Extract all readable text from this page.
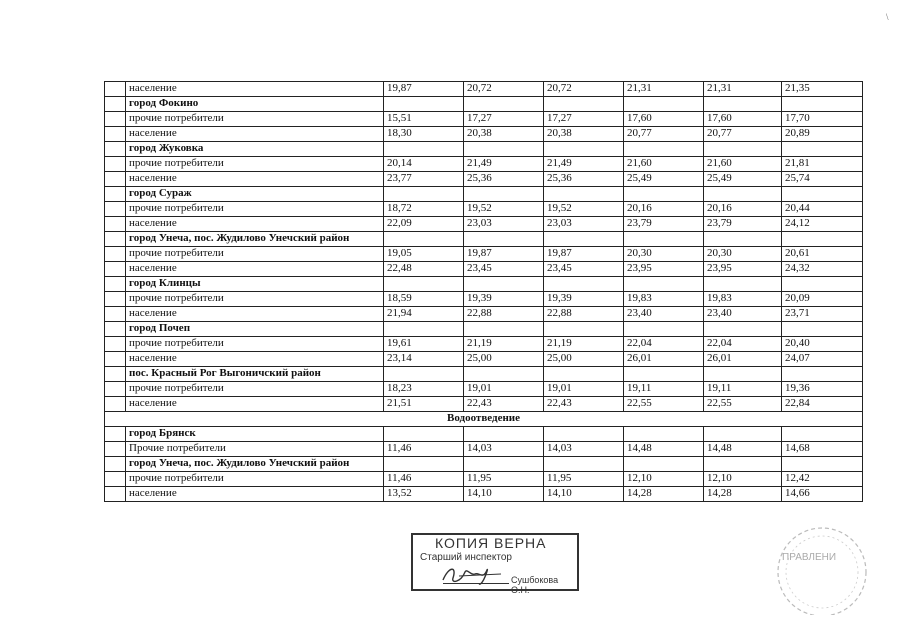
\
	население	19,87	20,72	20,72	21,31	21,31	21,35
	город Фокино						
	прочие потребители	15,51	17,27	17,27	17,60	17,60	17,70
	население	18,30	20,38	20,38	20,77	20,77	20,89
	город Жуковка						
	прочие потребители	20,14	21,49	21,49	21,60	21,60	21,81
	население	23,77	25,36	25,36	25,49	25,49	25,74
	город Сураж						
	прочие потребители	18,72	19,52	19,52	20,16	20,16	20,44
	население	22,09	23,03	23,03	23,79	23,79	24,12
	город Унеча, пос. Жудилово Унечский район						
	прочие потребители	19,05	19,87	19,87	20,30	20,30	20,61
	население	22,48	23,45	23,45	23,95	23,95	24,32
	город Клинцы						
	прочие потребители	18,59	19,39	19,39	19,83	19,83	20,09
	население	21,94	22,88	22,88	23,40	23,40	23,71
	город Почеп						
	прочие потребители	19,61	21,19	21,19	22,04	22,04	20,40
	население	23,14	25,00	25,00	26,01	26,01	24,07
	пос. Красный Рог Выгоничский район						
	прочие потребители	18,23	19,01	19,01	19,11	19,11	19,36
	население	21,51	22,43	22,43	22,55	22,55	22,84
Водоотведение							
	город Брянск						
	Прочие потребители	11,46	14,03	14,03	14,48	14,48	14,68
	город Унеча, пос. Жудилово Унечский район						
	прочие потребители	11,46	11,95	11,95	12,10	12,10	12,42
	население	13,52	14,10	14,10	14,28	14,28	14,66
КОПИЯ ВЕРНА
Старший инспектор
Сушбокова О.Н.
ПРАВЛЕНИ
